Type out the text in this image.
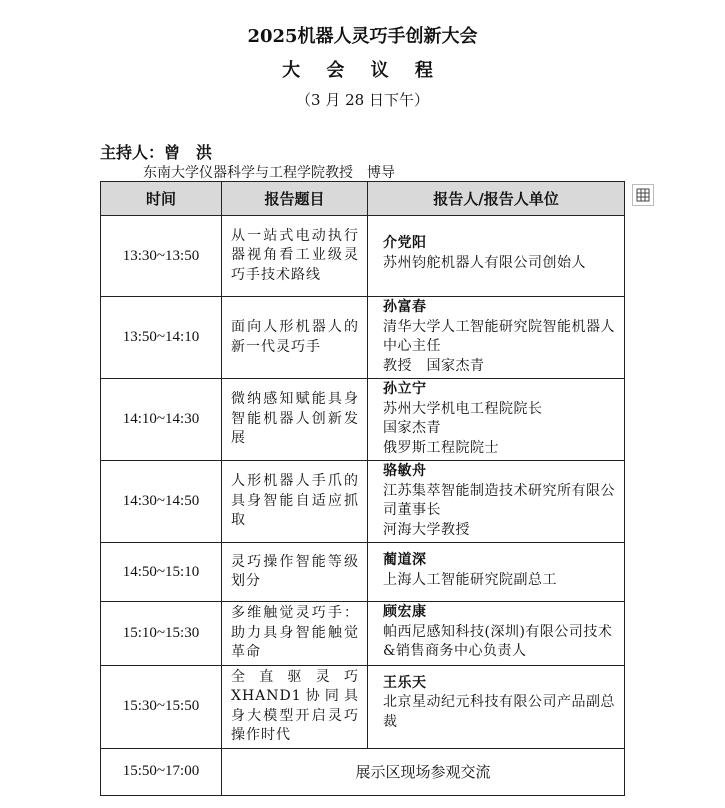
2025机器人灵巧手创新大会
大 会 议 程
（3 月 28 日下午）
主持人：曾　洪
东南大学仪器科学与工程学院教授　博导
时间	报告题目	报告人/报告人单位
13:30~13:50	从一站式电动执行器视角看工业级灵巧手技术路线	介党阳
苏州钧舵机器人有限公司创始人

13:50~14:10	面向人形机器人的新一代灵巧手	孙富春
清华大学人工智能研究院智能机器人中心主任
教授　国家杰青

14:10~14:30	微纳感知赋能具身智能机器人创新发展	孙立宁
苏州大学机电工程院院长
国家杰青
俄罗斯工程院院士

14:30~14:50	人形机器人手爪的具身智能自适应抓取	骆敏舟
江苏集萃智能制造技术研究所有限公司董事长
河海大学教授

14:50~15:10	灵巧操作智能等级划分	蔺道深
上海人工智能研究院副总工

15:10~15:30	多维触觉灵巧手：助力具身智能触觉革命	顾宏康
帕西尼感知科技(深圳)有限公司技术&销售商务中心负责人

15:30~15:50	全直驱灵巧XHAND1协同具身大模型开启灵巧操作时代	王乐天
北京星动纪元科技有限公司产品副总裁

15:50~17:00	展示区现场参观交流	
